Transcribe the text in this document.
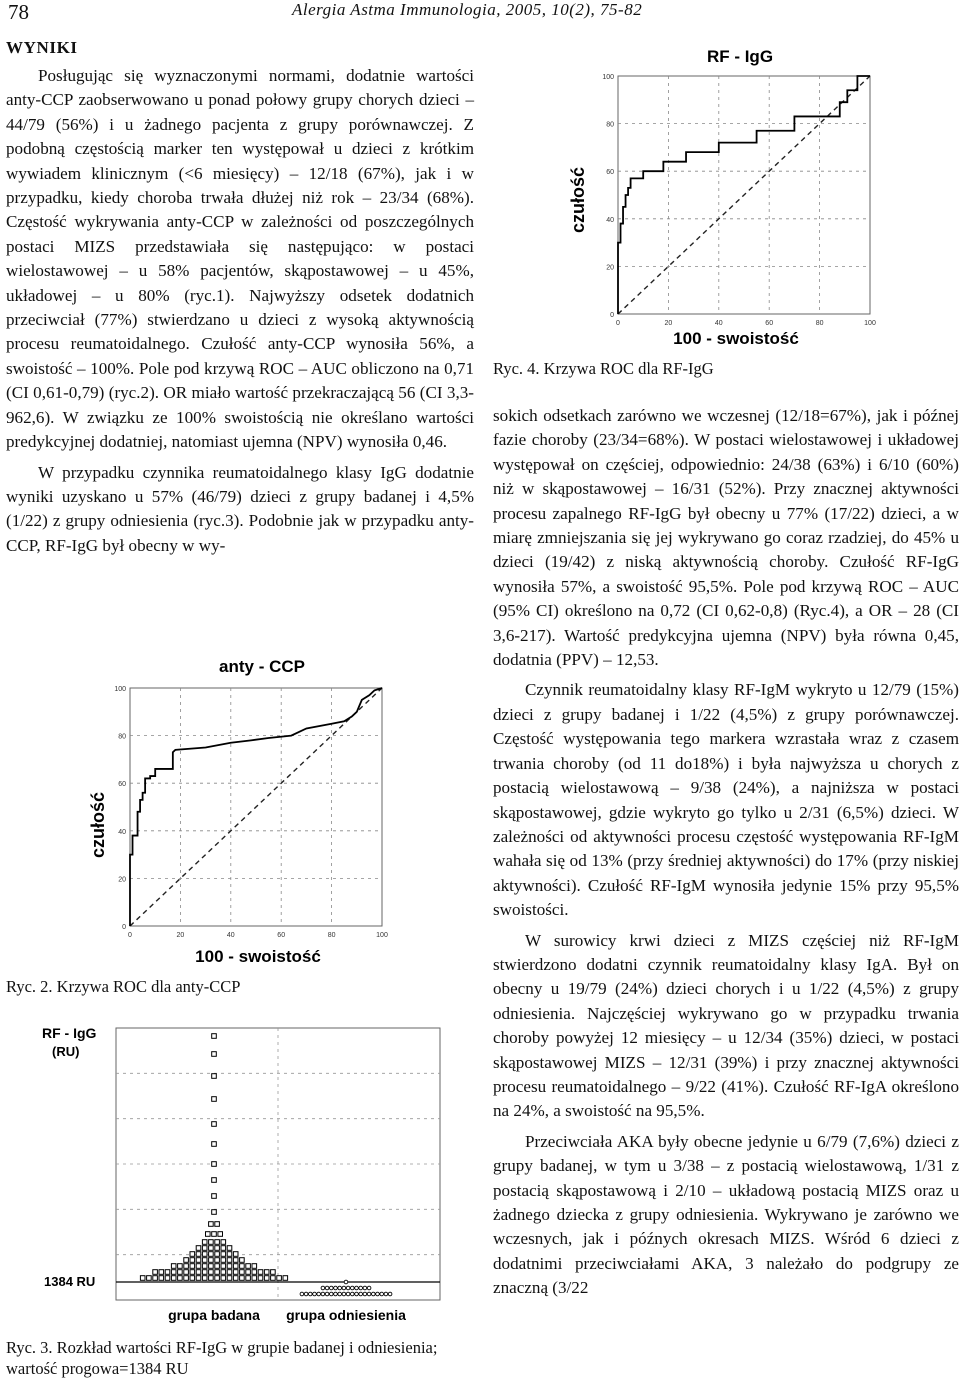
78	Alergia Astma Immunologia, 2005, 10(2), 75-82
WYNIKI

Posługując się wyznaczonymi normami, dodatnie wartości anty-CCP zaobserwowano u ponad połowy grupy chorych dzieci – 44/79 (56%) i u żadnego pacjenta z grupy porównawczej. Z podobną częstością marker ten występował u dzieci z krótkim wywiadem klinicznym (<6 miesięcy) – 12/18 (67%), jak i w przypadku, kiedy choroba trwała dłużej niż rok – 23/34 (68%). Częstość wykrywania anty-CCP w zależności od poszczególnych postaci MIZS przedstawiała się następująco: w postaci wielostawowej – u 58% pacjentów, skąpostawowej – u 45%, układowej – u 80% (ryc.1). Najwyższy odsetek dodatnich przeciwciał (77%) stwierdzano u dzieci z wysoką aktywnością procesu reumatoidalnego. Czułość anty-CCP wynosiła 56%, a swoistość – 100%. Pole pod krzywą ROC – AUC obliczono na 0,71 (CI 0,61-0,79) (ryc.2). OR miało wartość przekraczającą 56 (CI 3,3-962,6). W związku ze 100% swoistością nie określano wartości predykcyjnej dodatniej, natomiast ujemna (NPV) wynosiła 0,46.

W przypadku czynnika reumatoidalnego klasy IgG dodatnie wyniki uzyskano u 57% (46/79) dzieci z grupy badanej i 4,5% (1/22) z grupy odniesienia (ryc.3). Podobnie jak w przypadku anty-CCP, RF-IgG był obecny w wy-

sokich odsetkach zarówno we wczesnej (12/18=67%), jak i późnej fazie choroby (23/34=68%). W postaci wielostawowej i układowej występował on częściej, odpowiednio: 24/38 (63%) i 6/10 (60%) niż w skąpostawowej – 16/31 (52%). Przy znacznej aktywności procesu zapalnego RF-IgG był obecny u 77% (17/22) dzieci, a w miarę zmniejszania się jej wykrywano go coraz rzadziej, do 45% u dzieci (19/42) z niską aktywnością choroby. Czułość RF-IgG wynosiła 57%, a swoistość 95,5%. Pole pod krzywą ROC – AUC (95% CI) określono na 0,72 (CI 0,62-0,8) (Ryc.4), a OR – 28 (CI 3,6-217). Wartość predykcyjna ujemna (NPV) była równa 0,45, dodatnia (PPV) – 12,53.

Czynnik reumatoidalny klasy RF-IgM wykryto u 12/79 (15%) dzieci z grupy badanej i 1/22 (4,5%) z grupy porównawczej. Częstość występowania tego markera wzrastała wraz z czasem trwania choroby (od 11 do18%) i była najwyższa u chorych z postacią wielostawową – 9/38 (24%), a najniższa w postaci skąpostawowej, gdzie wykryto go tylko u 2/31 (6,5%) dzieci. W zależności od aktywności procesu częstość występowania RF-IgM wahała się od 13% (przy średniej aktywności) do 17% (przy niskiej aktywności). Czułość RF-IgM wynosiła jedynie 15% przy 95,5% swoistości.

W surowicy krwi dzieci z MIZS częściej niż RF-IgM stwierdzono dodatni czynnik reumatoidalny klasy IgA. Był on obecny u 19/79 (24%) dzieci chorych i u 1/22 (4,5%) z grupy odniesienia. Najczęściej wykrywano go w przypadku trwania choroby powyżej 12 miesięcy – u 12/34 (35%) dzieci, w postaci skąpostawowej MIZS – 12/31 (39%) i przy znacznej aktywności procesu reumatoidalnego – 9/22 (41%). Czułość RF-IgA określono na 24%, a swoistość na 95,5%.

Przeciwciała AKA były obecne jedynie u 6/79 (7,6%) dzieci z grupy badanej, w tym u 3/38 – z postacią wielostawową, 1/31 z postacią skąpostawową i 2/10 – układową postacią MIZS oraz u żadnego dziecka z grupy odniesienia. Wykrywano je zarówno we wczesnych, jak i późnych okresach MIZS. Wśród 6 dzieci z dodatnimi przeciwciałami AKA, 3 należało do podgrupy ze znaczną (3/22

anty - CCP
czułość
100 - swoistość
0
0
20
20
40
40
60
60
80
80
100
100
Ryc. 2. Krzywa ROC dla anty-CCP
RF - IgG
(RU)
1384 RU
grupa badana grupa odniesienia
Ryc. 3. Rozkład wartości RF-IgG w grupie badanej i odniesienia;
wartość progowa=1384 RU
RF - IgG
czułość
100 - swoistość
0
0
20
20
40
40
60
60
80
80
100
100
Ryc. 4. Krzywa ROC dla RF-IgG
